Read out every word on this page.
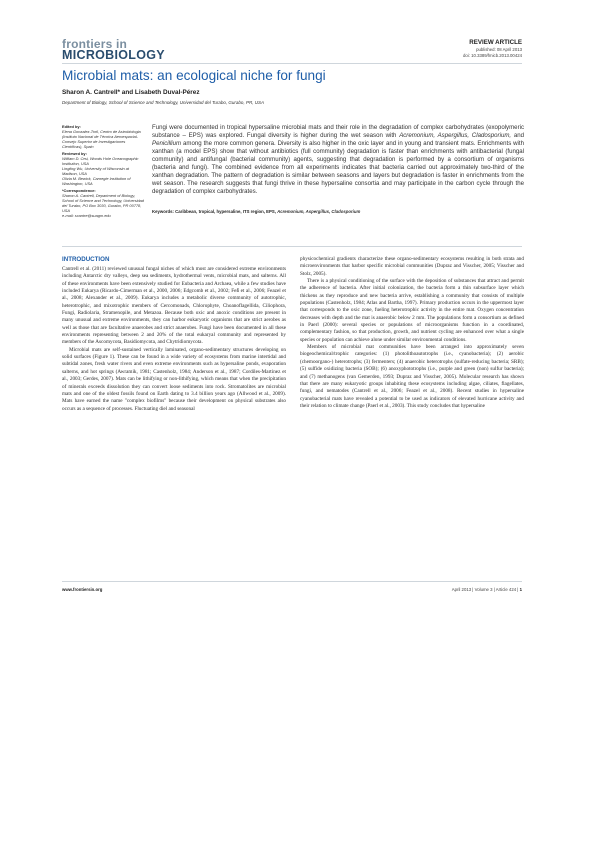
frontiers in
MICROBIOLOGY
REVIEW ARTICLE
published: 08 April 2013
doi: 10.3389/fmicb.2013.00424
Microbial mats: an ecological niche for fungi
Sharon A. Cantrell* and Lisabeth Duval-Pérez
Department of Biology, School of Science and Technology, Universidad del Turabo, Gurabo, PR, USA

Edited by:
Elena Gonzalez-Toril, Centro de Astrobiologia (Instituto Nacional de Técnica Aeroespacial-Consejo Superior de Investigaciones Científicas), Spain

Reviewed by:
William D. Orsi, Woods Hole Oceanographic Institution, USA
Lingling Wu, University of Wisconsin at Madison, USA
Olivia M. Bewick, Carnegie Institution of Washington, USA

*Correspondence:
Sharon A. Cantrell, Department of Biology, School of Science and Technology, Universidad del Turabo, PO Box 3030, Gurabo, PR 00778, USA
e-mail: scantre@suagm.edu

Fungi were documented in tropical hypersaline microbial mats and their role in the degradation of complex carbohydrates (exopolymeric substance – EPS) was explored. Fungal diversity is higher during the wet season with Acremonium, Aspergillus, Cladosporium, and Penicillium among the more common genera. Diversity is also higher in the oxic layer and in young and transient mats. Enrichments with xanthan (a model EPS) show that without antibiotics (full community) degradation is faster than enrichments with antibacterial (fungal community) and antifungal (bacterial community) agents, suggesting that degradation is performed by a consortium of organisms (bacteria and fungi). The combined evidence from all experiments indicates that bacteria carried out approximately two-third of the xanthan degradation. The pattern of degradation is similar between seasons and layers but degradation is faster in enrichments from the wet season. The research suggests that fungi thrive in these hypersaline consortia and may participate in the carbon cycle through the degradation of complex carbohydrates.
Keywords: Caribbean, tropical, hypersaline, ITS region, EPS, Acremonium, Aspergillus, Cladosporium
INTRODUCTION

Cantrell et al. (2011) reviewed unusual fungal niches of which most are considered extreme environments including Antarctic dry valleys, deep sea sediments, hydrothermal vents, microbial mats, and salterns. All of these environments have been extensively studied for Eubacteria and Archaea, while a few studies have included Eukarya (Ricardo-Cimerman et al., 2000, 2006; Edgcomb et al., 2002; Feß et al., 2006; Feazel et al., 2008; Alexander et al., 2009). Eukarya includes a metabolic diverse community of autotrophic, heterotrophic, and mixotrophic members of Cercomonads, Chlorophyte, Choanoflagellida, Ciliophora, Fungi, Radiolaria, Stramenopile, and Metazoa. Because both oxic and anoxic conditions are present in many unusual and extreme environments, they can harbor eukaryotic organisms that are strict aerobes as well as those that are facultative anaerobes and strict anaerobes. Fungi have been documented in all these environments representing between 2 and 20% of the total eukaryal community and represented by members of the Ascomycota, Basidiomycota, and Chytridiomycota.

Microbial mats are self-sustained vertically laminated, organo-sedimentary structures developing on solid surfaces (Figure 1). These can be found in a wide variety of ecosystems from marine intertidal and subtidal zones, fresh water rivers and even extreme environments such as hypersaline ponds, evaporation salterns, and hot springs (Awramik, 1981; Castenholz, 1984; Anderson et al., 1987; Cordiles-Martinez et al., 2003; Gerdes, 2007). Mats can be lithifying or non-lithifying, which means that when the precipitation of minerals exceeds dissolution they can convert loose sediments into rock. Stromatolites are microbial mats and one of the oldest fossils found on Earth dating to 3.4 billion years ago (Allwood et al., 2009). Mats have earned the name "complex biofilms" because their development on physical substrates also occurs as a sequence of processes. Fluctuating diel and seasonal

physicochemical gradients characterize these organo-sedimentary ecosystems resulting in both strata and microenvironments that harbor specific microbial communities (Dupraz and Visscher, 2005; Visscher and Stolz, 2005).

There is a physical conditioning of the surface with the deposition of substances that attract and permit the adherence of bacteria. After initial colonization, the bacteria form a thin subsurface layer which thickens as they reproduce and new bacteria arrive, establishing a community that consists of multiple populations (Castenholz, 1984; Atlas and Bartha, 1997). Primary production occurs in the uppermost layer that corresponds to the oxic zone, fueling heterotrophic activity in the entire mat. Oxygen concentration decreases with depth and the mat is anaerobic below 2 mm. The populations form a consortium as defined in Paerl (2000): several species or populations of microorganisms function in a coordinated, complementary fashion, so that production, growth, and nutrient cycling are enhanced over what a single species or population can achieve alone under similar environmental conditions.

Members of microbial mat communities have been arranged into approximately seven biogeochemical/trophic categories: (1) photolithoautotrophs (i.e., cyanobacteria); (2) aerobic (chemoorgano-) heterotrophs; (3) fermenters; (4) anaerobic heterotrophs (sulfate-reducing bacteria; SRB); (5) sulfide oxidizing bacteria (SOB); (6) anoxyphototrophs (i.e., purple and green (non) sulfur bacteria); and (7) methanogens (van Gemerden, 1993; Dupraz and Visscher, 2005). Molecular research has shown that there are many eukaryotic groups inhabiting these ecosystems including algae, ciliates, flagellates, fungi, and nematodes (Cantrell et al., 2006; Feazel et al., 2008). Recent studies in hypersaline cyanobacterial mats have revealed a potential to be used as indicators of elevated hurricane activity and their relation to climate change (Paerl et al., 2003). This study concludes that hypersaline

www.frontiersin.org	April 2013 | Volume 3 | Article 424 | 1
